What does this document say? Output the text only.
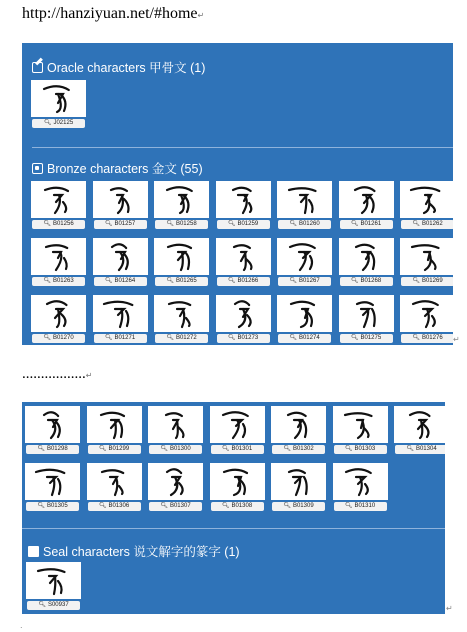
http://hanziyuan.net/#home↵
Oracle characters 甲骨文 (1)
🔍︎ J02125
Bronze characters 金文 (55)
🔍︎ B01256	🔍︎ B01257	🔍︎ B01258	🔍︎ B01259	🔍︎ B01260	🔍︎ B01261	🔍︎ B01262
🔍︎ B01263	🔍︎ B01264	🔍︎ B01265	🔍︎ B01266	🔍︎ B01267	🔍︎ B01268	🔍︎ B01269
🔍︎ B01270	🔍︎ B01271	🔍︎ B01272	🔍︎ B01273	🔍︎ B01274	🔍︎ B01275	🔍︎ B01276	↵
.................↵
🔍︎ B01298	🔍︎ B01299	🔍︎ B01300	🔍︎ B01301	🔍︎ B01302	🔍︎ B01303	🔍︎ B01304
🔍︎ B01305	🔍︎ B01306	🔍︎ B01307	🔍︎ B01308	🔍︎ B01309	🔍︎ B01310
Seal characters 说文解字的篆字 (1)
🔍︎ S00937	↵
.
